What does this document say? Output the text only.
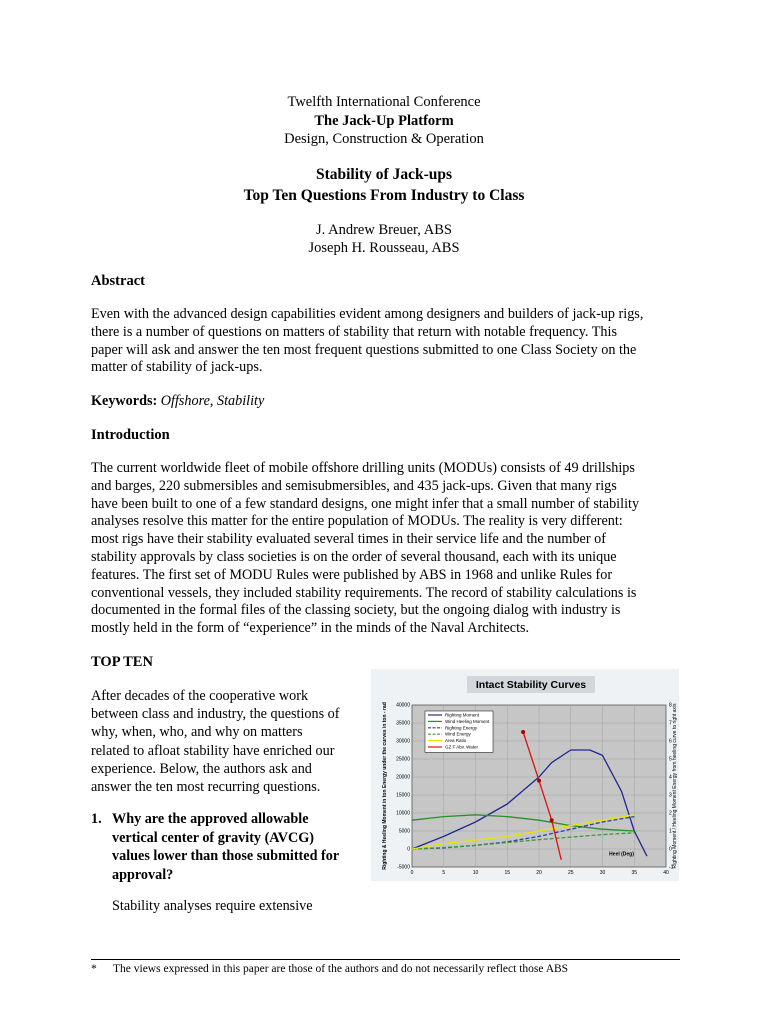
Twelfth International Conference
The Jack-Up Platform
Design, Construction & Operation
Stability of Jack-ups
Top Ten Questions From Industry to Class
J. Andrew Breuer, ABS
Joseph H. Rousseau, ABS
Abstract
Even with the advanced design capabilities evident among designers and builders of jack-up rigs,
there is a number of questions on matters of stability that return with notable frequency. This
paper will ask and answer the ten most frequent questions submitted to one Class Society on the
matter of stability of jack-ups.
Keywords: Offshore, Stability
Introduction
The current worldwide fleet of mobile offshore drilling units (MODUs) consists of 49 drillships
and barges, 220 submersibles and semisubmersibles, and 435 jack-ups. Given that many rigs
have been built to one of a few standard designs, one might infer that a small number of stability
analyses resolve this matter for the entire population of MODUs. The reality is very different:
most rigs have their stability evaluated several times in their service life and the number of
stability approvals by class societies is on the order of several thousand, each with its unique
features. The first set of MODU Rules were published by ABS in 1968 and unlike Rules for
conventional vessels, they included stability requirements. The record of stability calculations is
documented in the formal files of the classing society, but the ongoing dialog with industry is
mostly held in the form of “experience” in the minds of the Naval Architects.
TOP TEN
After decades of the cooperative work
between class and industry, the questions of
why, when, who, and why on matters
related to afloat stability have enriched our
experience. Below, the authors ask and
answer the ten most recurring questions.
1. Why are the approved allowable
vertical center of gravity (AVCG)
values lower than those submitted for
approval?
Stability analyses require extensive
Intact Stability Curves
0	5	10	15	20	25	30	35	40
-5000
0
5000
10000
15000
20000
25000
30000
35000
40000
-1
0
1
2
3
4
5
6
7
8
Righting Moment
Wind Heeling Moment
Righting Energy
Wind Energy
Area Ratio
GZ F Abv. Water
Righting & Heeling Moment in ton Energy under the curves in ton - rad	Righting Moment / Heeling Moment Energy from heeling curve to right axis
Heel (Deg)
* The views expressed in this paper are those of the authors and do not necessarily reflect those ABS
